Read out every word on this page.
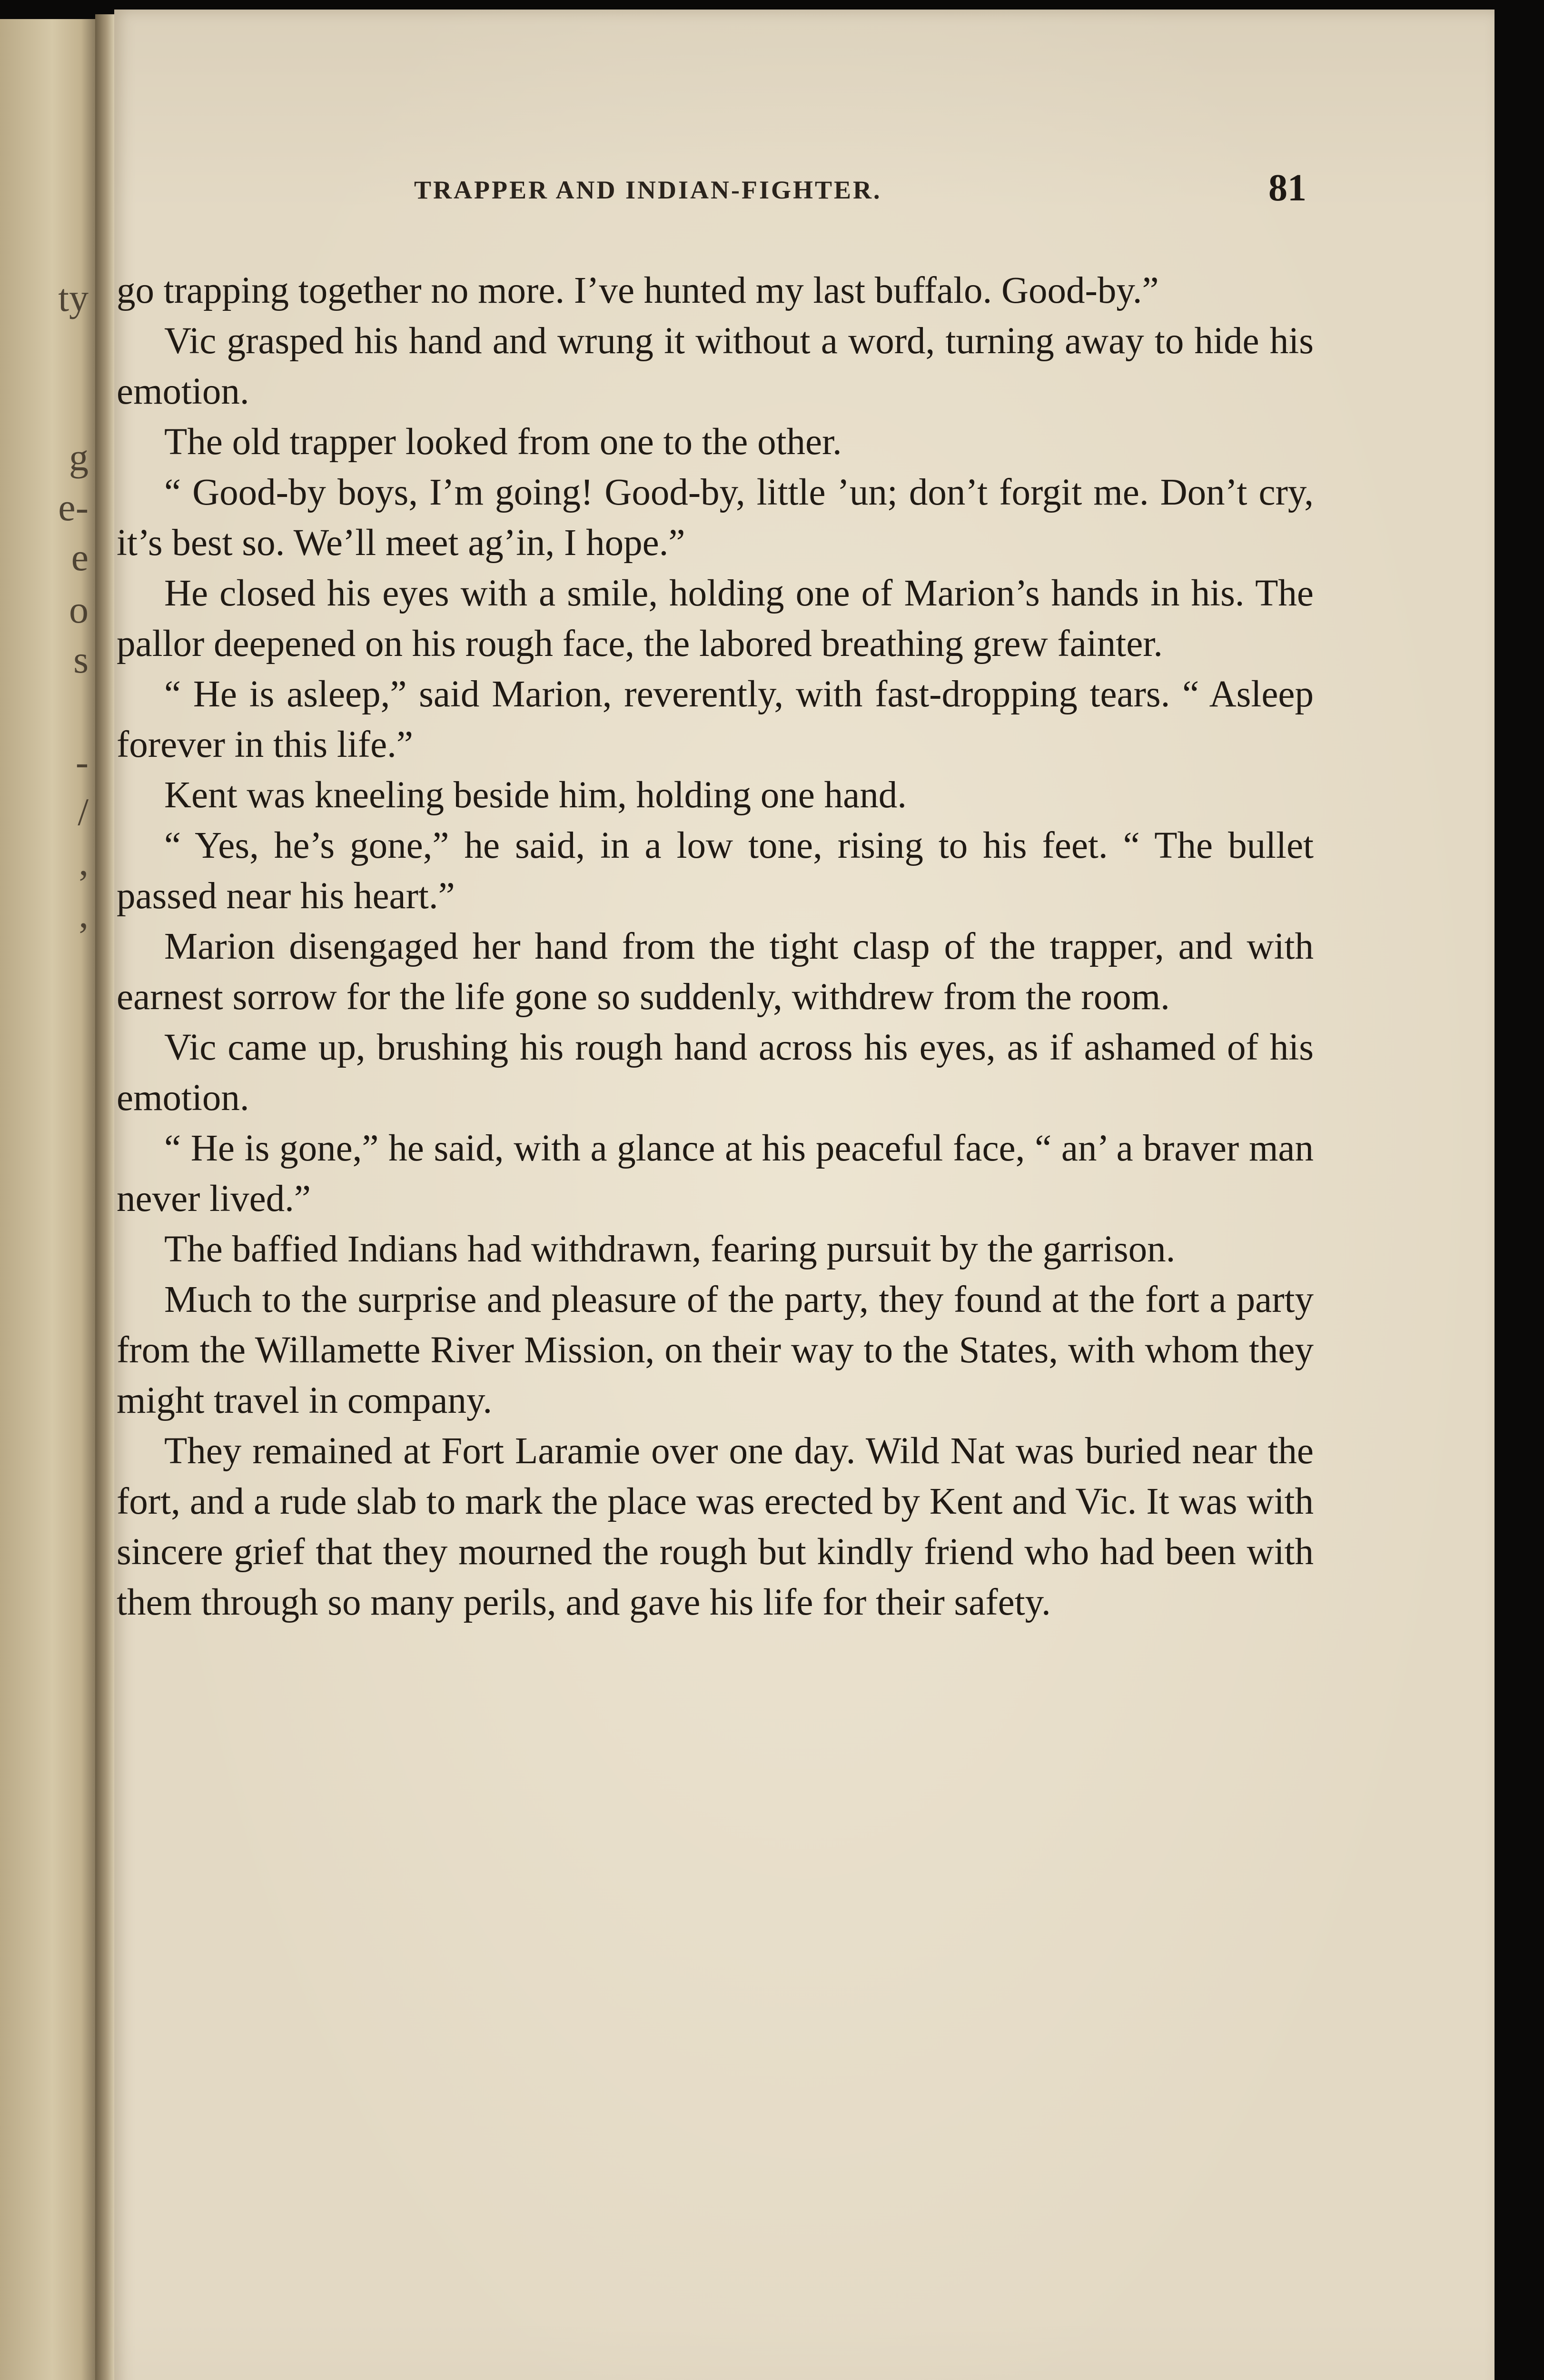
ty
g
e-
e
o
s
-
/
,
,
TRAPPER AND INDIAN-FIGHTER.	81

go trapping together no more. I’ve hunted my last buffalo. Good-by.”

Vic grasped his hand and wrung it without a word, turning away to hide his emotion.

The old trapper looked from one to the other.

“ Good-by boys, I’m going! Good-by, little ’un; don’t forgit me. Don’t cry, it’s best so. We’ll meet ag’in, I hope.”

He closed his eyes with a smile, holding one of Marion’s hands in his. The pallor deepened on his rough face, the labored breathing grew fainter.

“ He is asleep,” said Marion, reverently, with fast-dropping tears. “ Asleep forever in this life.”

Kent was kneeling beside him, holding one hand.

“ Yes, he’s gone,” he said, in a low tone, rising to his feet. “ The bullet passed near his heart.”

Marion disengaged her hand from the tight clasp of the trapper, and with earnest sorrow for the life gone so suddenly, withdrew from the room.

Vic came up, brushing his rough hand across his eyes, as if ashamed of his emotion.

“ He is gone,” he said, with a glance at his peaceful face, “ an’ a braver man never lived.”

The baffied Indians had withdrawn, fearing pursuit by the garrison.

Much to the surprise and pleasure of the party, they found at the fort a party from the Willamette River Mission, on their way to the States, with whom they might travel in company.

They remained at Fort Laramie over one day. Wild Nat was buried near the fort, and a rude slab to mark the place was erected by Kent and Vic. It was with sincere grief that they mourned the rough but kindly friend who had been with them through so many perils, and gave his life for their safety.
